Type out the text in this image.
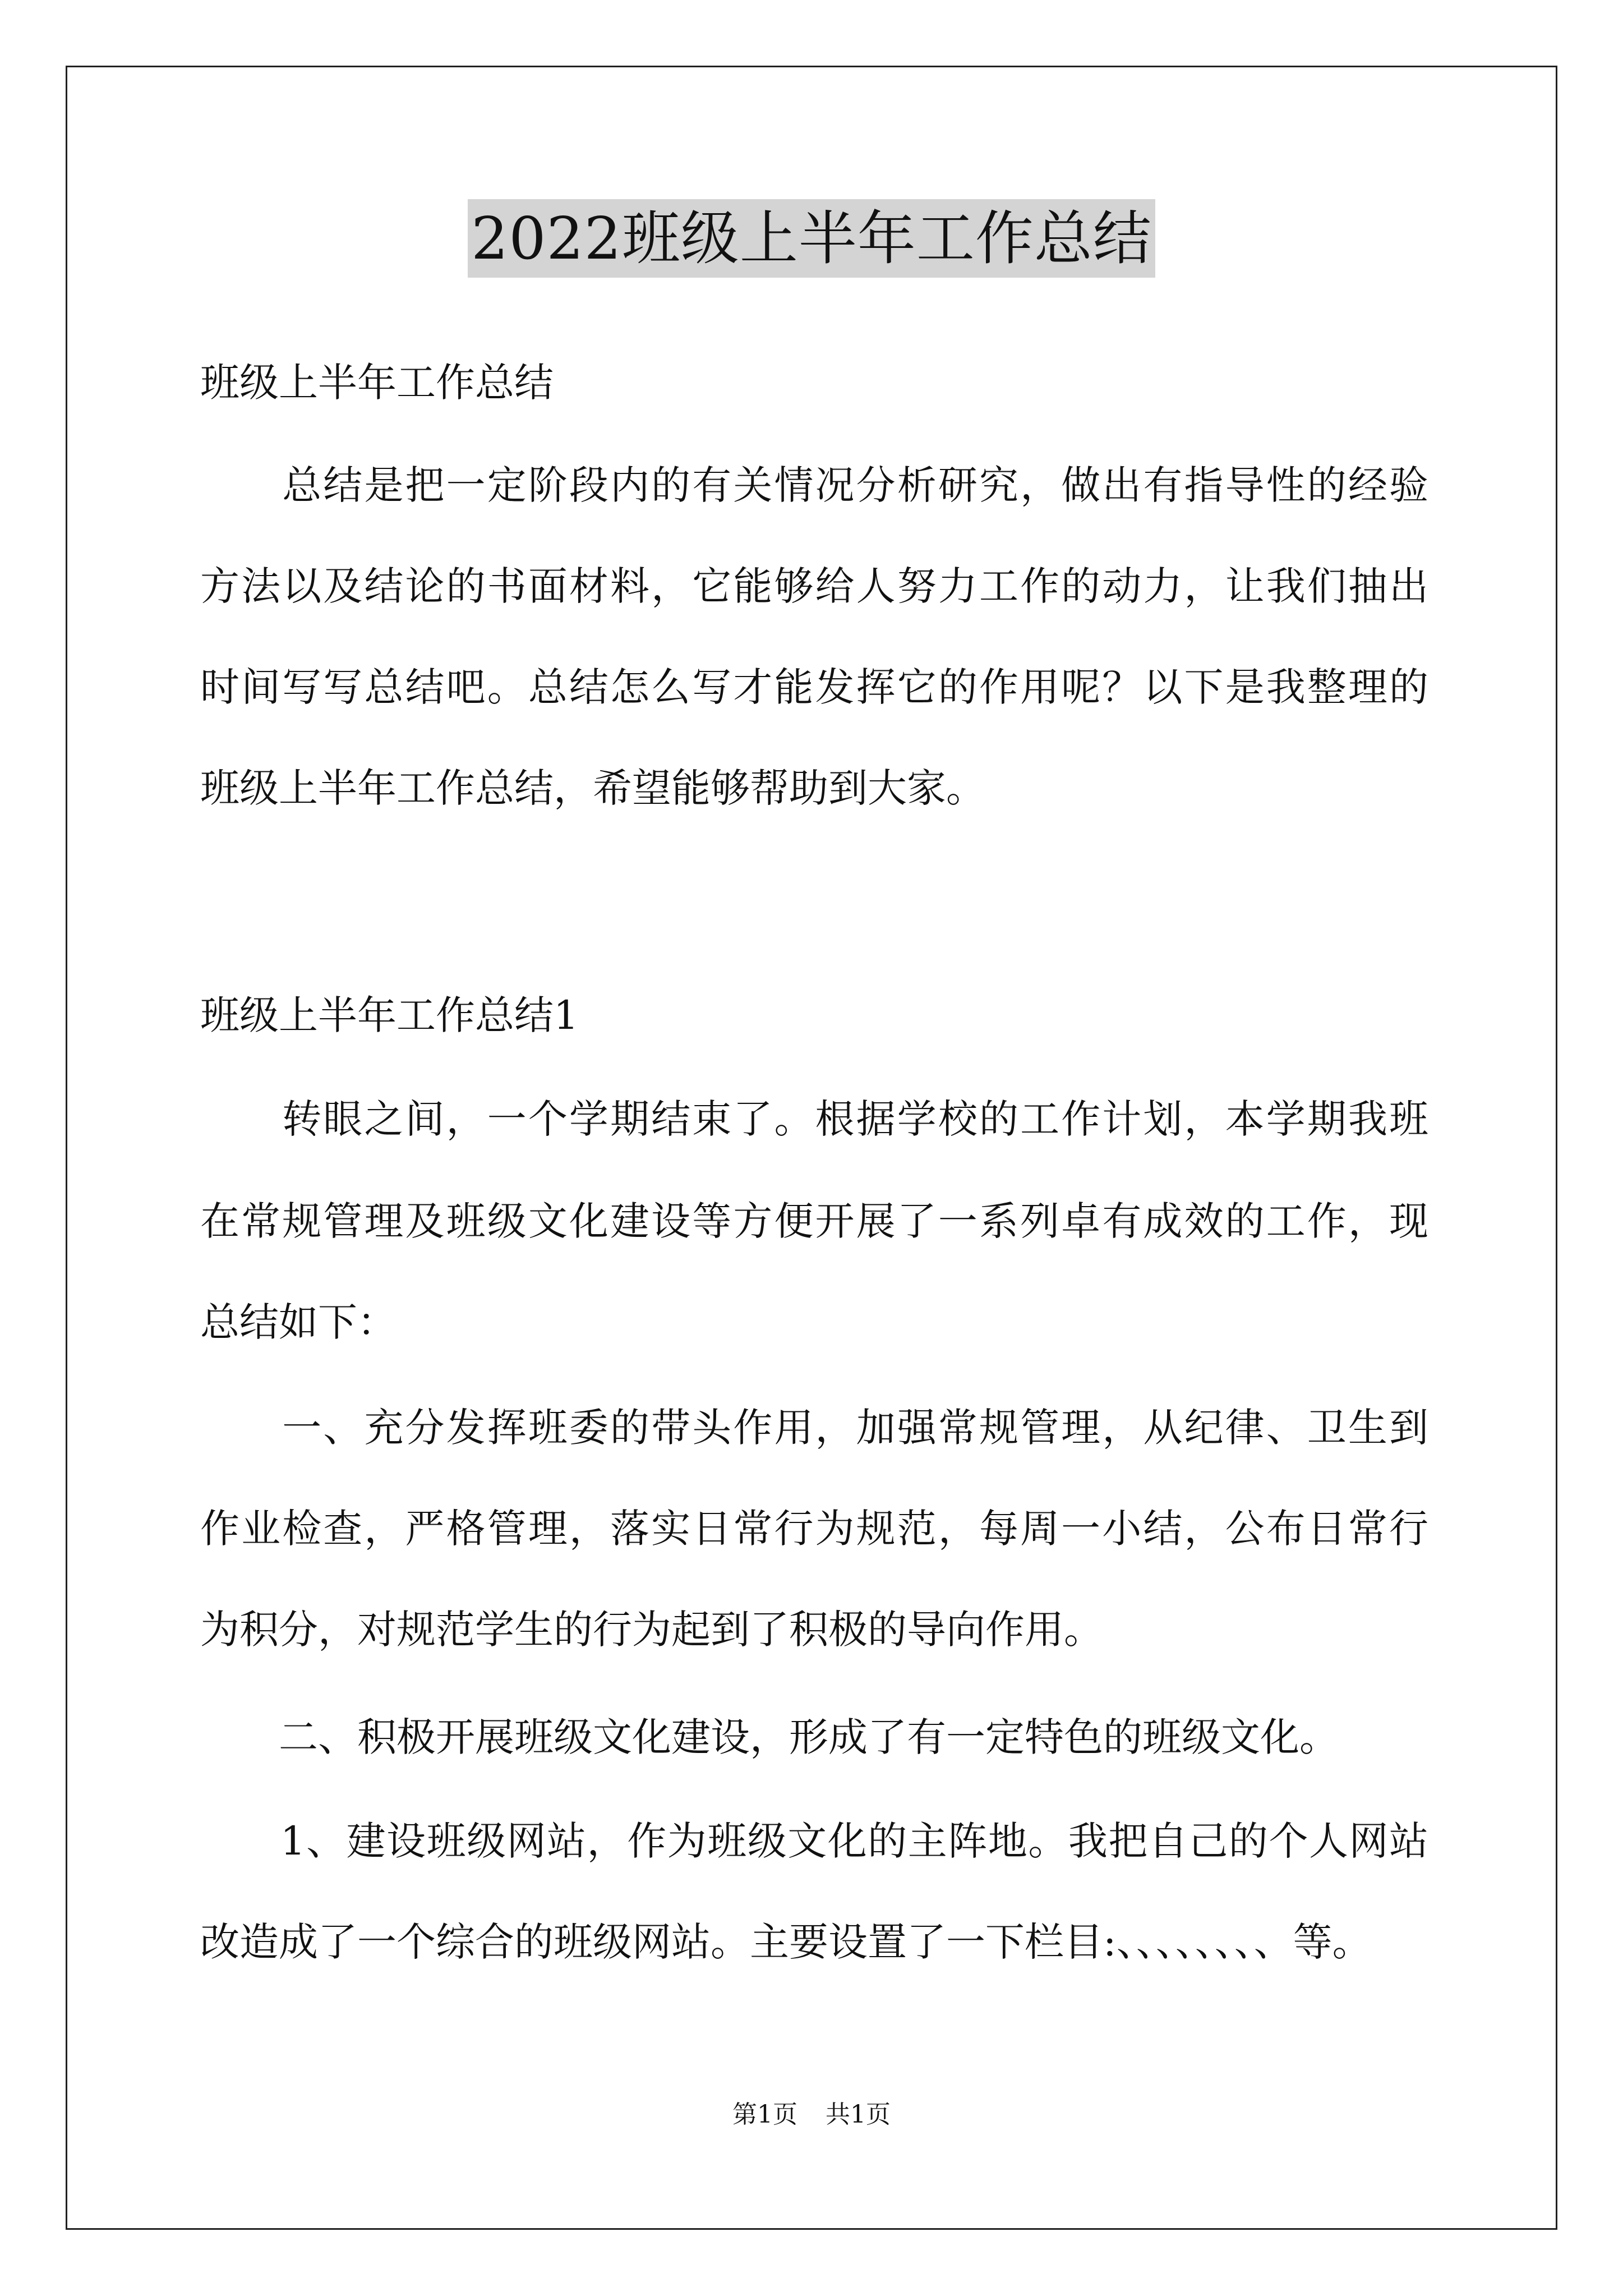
2022班级上半年工作总结
班级上半年工作总结
　　总结是把一定阶段内的有关情况分析研究，做出有指导性的经验
方法以及结论的书面材料，它能够给人努力工作的动力，让我们抽出
时间写写总结吧。总结怎么写才能发挥它的作用呢？以下是我整理的
班级上半年工作总结，希望能够帮助到大家。
班级上半年工作总结1
　　转眼之间，一个学期结束了。根据学校的工作计划，本学期我班
在常规管理及班级文化建设等方便开展了一系列卓有成效的工作，现
总结如下：
　　一、充分发挥班委的带头作用，加强常规管理，从纪律、卫生到
作业检查，严格管理，落实日常行为规范，每周一小结，公布日常行
为积分，对规范学生的行为起到了积极的导向作用。
　　二、积极开展班级文化建设，形成了有一定特色的班级文化。
　　1、建设班级网站，作为班级文化的主阵地。我把自己的个人网站
改造成了一个综合的班级网站。主要设置了一下栏目:、、、、、、、、等。
第1页 共1页
